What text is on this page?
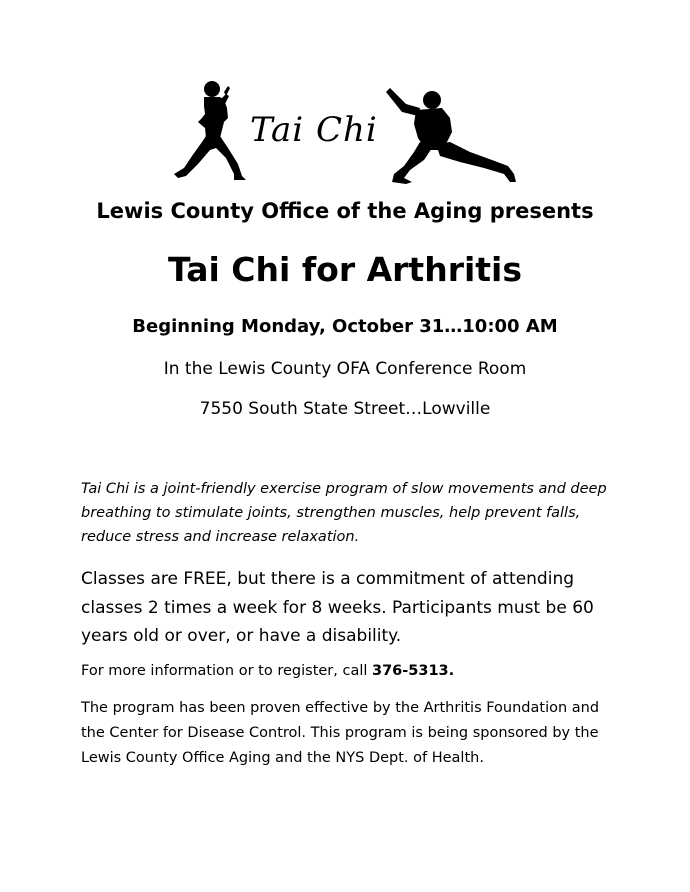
Tai Chi
Lewis County Office of the Aging presents
Tai Chi for Arthritis
Beginning Monday, October 31…10:00 AM
In the Lewis County OFA Conference Room
7550 South State Street…Lowville

Tai Chi is a joint-friendly exercise program of slow movements and deep breathing to stimulate joints, strengthen muscles, help prevent falls, reduce stress and increase relaxation.

Classes are FREE, but there is a commitment of attending classes 2 times a week for 8 weeks. Participants must be 60 years old or over, or have a disability.

For more information or to register, call 376-5313.

The program has been proven effective by the Arthritis Foundation and the Center for Disease Control. This program is being sponsored by the Lewis County Office Aging and the NYS Dept. of Health.
